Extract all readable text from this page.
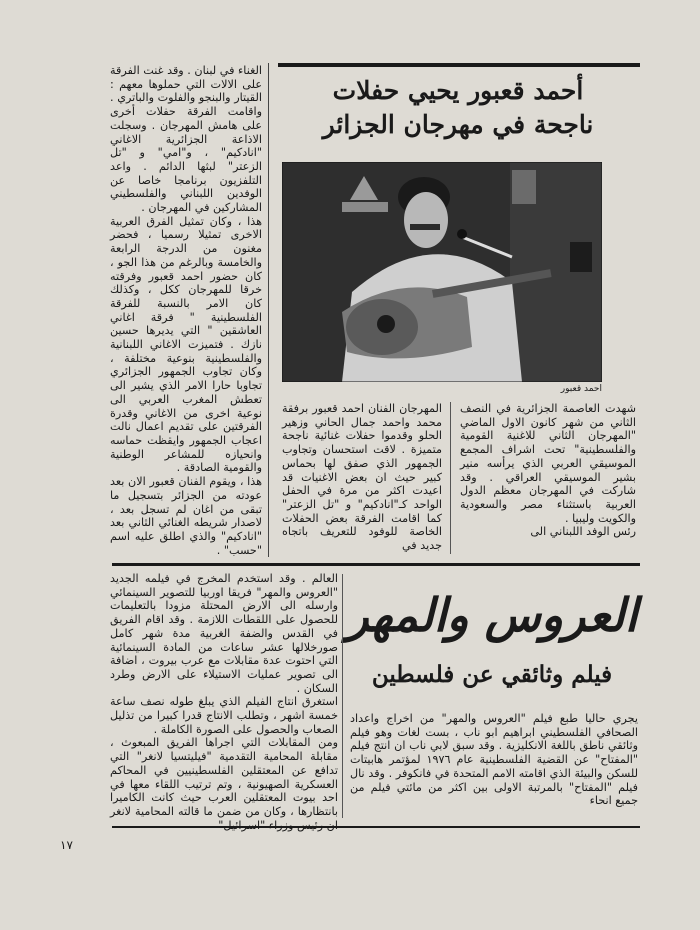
أحمد قعبور يحيي حفلات
ناجحة في مهرجان الجزائر
احمد قعبور

الغناء في لبنان . وقد غنت الفرقة على الالات التي حملوها معهم : القيتار والبنجو والفلوت والباتري . واقامت الفرقة حفلات أخرى على هامش المهرجان . وسجلت الاذاعة الجزائرية الاغاني "انادكيم" ، و"امي" و "تل الزعتر" لبثها الدائم . واعد التلفزيون برنامجا خاصا عن الوفدين اللبناني والفلسطيني المشاركين في المهرجان .
هذا ، وكان تمثيل الفرق العربية الاخرى تمثيلا رسميا ، فحضر مغنون من الدرجة الرابعة والخامسة وبالرغم من هذا الجو ، كان حضور احمد قعبور وفرقته خرقا للمهرجان ككل ، وكذلك كان الامر بالنسبة للفرقة الفلسطينية " فرقة اغاني العاشقين " التي يديرها حسين نازك . فتميزت الاغاني اللبنانية والفلسطينية بنوعية مختلفة ، وكان تجاوب الجمهور الجزائري تجاوبا حارا الامر الذي يشير الى تعطش المغرب العربي الى نوعية اخرى من الاغاني وقدرة الفرقتين على تقديم اعمال نالت اعجاب الجمهور وايقظت حماسه وانحيازه للمشاعر الوطنية والقومية الصادقة .
هذا ، ويقوم الفنان قعبور الان بعد عودته من الجزائر بتسجيل ما تبقى من اغان لم تسجل بعد ، لاصدار شريطه الغنائي الثاني بعد "انادكيم" والذي اطلق عليه اسم "حسب" .

المهرجان الفنان احمد قعبور برفقة محمد واحمد جمال الحاني وزهير الحلو وقدموا حفلات غنائية ناجحة متميزة . لاقت استحسان وتجاوب الجمهور الذي صفق لها بحماس كبير حيث ان بعض الاغنيات قد اعيدت اكثر من مرة في الحفل الواحد كـ"انادكيم" و "تل الزعتر" كما اقامت الفرقة بعض الحفلات الخاصة للوفود للتعريف باتجاه جديد في

شهدت العاصمة الجزائرية في النصف الثاني من شهر كانون الاول الماضي "المهرجان الثاني للاغنية القومية والفلسطينية" تحت اشراف المجمع الموسيقي العربي الذي يرأسه منير بشير الموسيقي العراقي . وقد شاركت في المهرجان معظم الدول العربية باستثناء مصر والسعودية والكويت وليبيا .
رئس الوفد اللبناني الى

العروس والمهر
فيلم وثائقي عن فلسطين

العالم . وقد استخدم المخرج في فيلمه الجديد "العروس والمهر" فريقا اوربيا للتصوير السينمائي وارسله الى الارض المحتلة مزودا بالتعليمات للحصول على اللقطات اللازمة . وقد اقام الفريق في القدس والضفة الغربية مدة شهر كامل صورخلالها عشر ساعات من المادة السينمائية التي احتوت عدة مقابلات مع عرب بيروت ، اضافة الى تصوير عمليات الاستيلاء على الارض وطرد السكان .
استغرق انتاج الفيلم الذي يبلغ طوله نصف ساعة خمسة اشهر ، وتطلب الانتاج قدرا كبيرا من تذليل الصعاب والحصول على الصورة الكاملة .
ومن المقابلات التي اجراها الفريق المبعوث ، مقابلة المحامية التقدمية "فيليتسيا لانغر" التي تدافع عن المعتقلين الفلسطينيين في المحاكم العسكرية الصهيونية ، وتم ترتيب اللقاء معها في احد بيوت المعتقلين العرب حيث كانت الكاميرا بانتظارها ، وكان من ضمن ما قالته المحامية لانغر

يجري حاليا طبع فيلم "العروس والمهر" من اخراج واعداد الصحافي الفلسطيني ابراهيم ابو ناب ، بست لغات وهو فيلم وثائقي ناطق باللغة الانكليزية . وقد سبق لابي ناب ان انتج فيلم "المفتاح" عن القضية الفلسطينية عام ١٩٧٦ لمؤتمر هابيتات للسكن والبيئة الذي اقامته الامم المتحدة في فانكوفر . وقد نال فيلم "المفتاح" بالمرتبة الاولى بين اكثر من مائتي فيلم من جميع انحاء

١٧
